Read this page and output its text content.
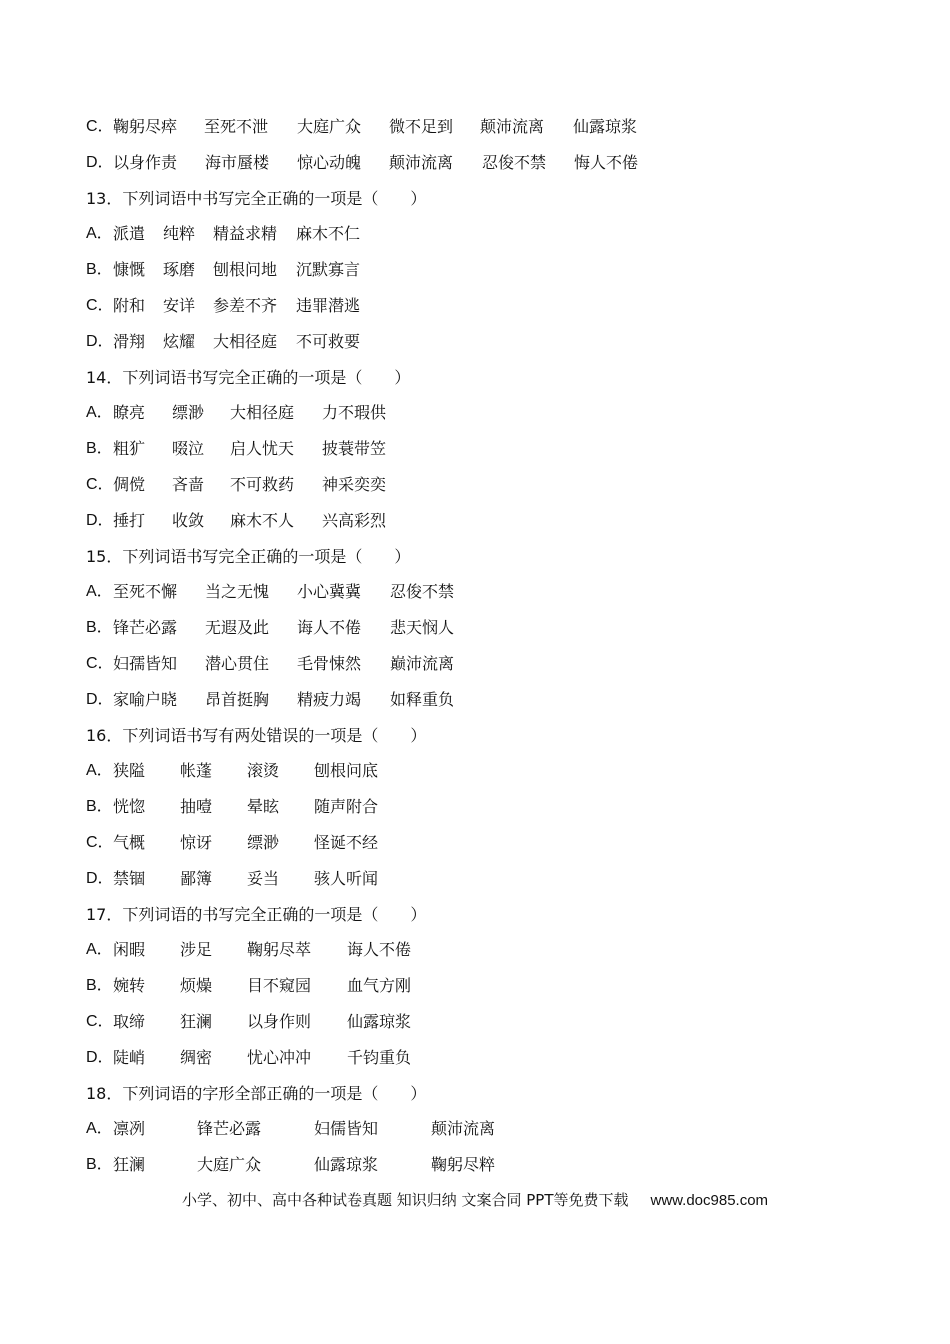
C． 鞠躬尽瘁 至死不泄 大庭广众 微不足到 颠沛流离 仙露琼浆
D． 以身作责 海市蜃楼 惊心动魄 颠沛流离 忍俊不禁 悔人不倦
13．下列词语中书写完全正确的一项是（　　）
A． 派遣 纯粹 精益求精 麻木不仁
B． 慷慨 琢磨 刨根问地 沉默寡言
C． 附和 安详 参差不齐 违罪潜逃
D． 滑翔 炫耀 大相径庭 不可救要
14．下列词语书写完全正确的一项是（　　）
A． 瞭亮 缥渺 大相径庭 力不瑕供
B． 粗犷 啜泣 启人忧天 披蓑带笠
C． 倜傥 吝啬 不可救药 神采奕奕
D． 捶打 收敛 麻木不人 兴高彩烈
15．下列词语书写完全正确的一项是（　　）
A． 至死不懈 当之无愧 小心冀冀 忍俊不禁
B． 锋芒必露 无遐及此 诲人不倦 悲天悯人
C． 妇孺皆知 潜心贯住 毛骨悚然 巅沛流离
D． 家喻户晓 昂首挺胸 精疲力竭 如释重负
16．下列词语书写有两处错误的一项是（　　）
A． 狭隘 帐蓬 滚烫 刨根问底
B． 恍惚 抽噎 晕眩 随声附合
C． 气概 惊讶 缥渺 怪诞不经
D． 禁锢 鄙簿 妥当 骇人听闻
17．下列词语的书写完全正确的一项是（　　）
A． 闲暇 涉足 鞠躬尽萃 诲人不倦
B． 婉转 烦燥 目不窥园 血气方刚
C． 取缔 狂澜 以身作则 仙露琼浆
D． 陡峭 绸密 忧心冲冲 千钧重负
18．下列词语的字形全部正确的一项是（　　）
A． 凛冽	锋芒必露	妇儒皆知	颠沛流离
B． 狂澜	大庭广众	仙露琼浆	鞠躬尽粹
小学、初中、高中各种试卷真题 知识归纳 文案合同 PPT等免费下载 www.doc985.com
